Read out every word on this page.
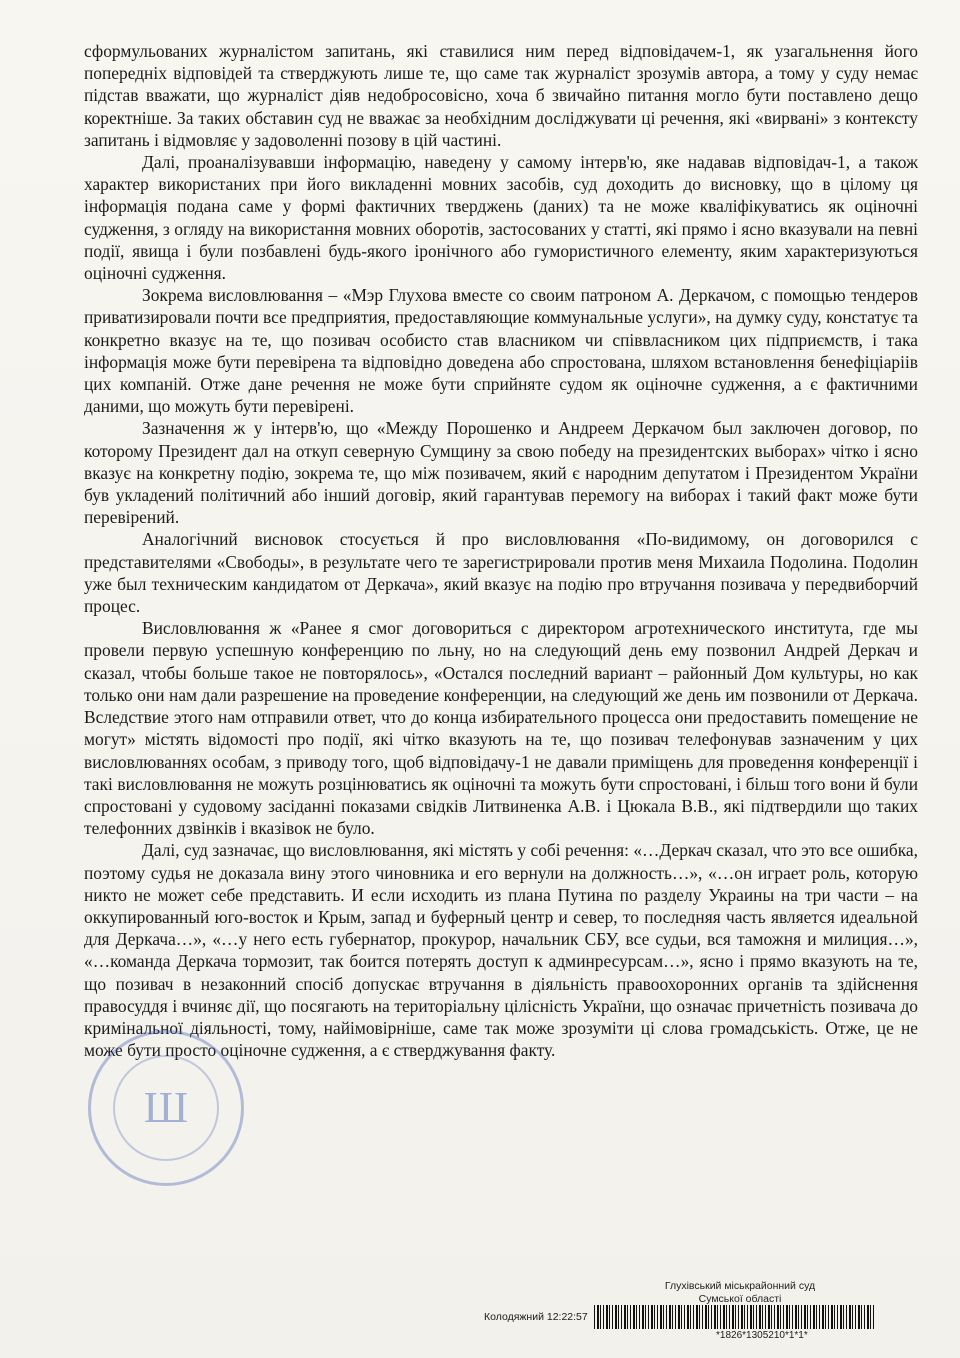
сформульованих журналістом запитань, які ставилися ним перед відповідачем-1, як узагальнення його попередніх відповідей та стверджують лише те, що саме так журналіст зрозумів автора, а тому у суду немає підстав вважати, що журналіст діяв недобросовісно, хоча б звичайно питання могло бути поставлено дещо коректніше. За таких обставин суд не вважає за необхідним досліджувати ці речення, які «вирвані» з контексту запитань і відмовляє у задоволенні позову в цій частині.

Далі, проаналізувавши інформацію, наведену у самому інтерв'ю, яке надавав відповідач-1, а також характер використаних при його викладенні мовних засобів, суд доходить до висновку, що в цілому ця інформація подана саме у формі фактичних тверджень (даних) та не може кваліфікуватись як оціночні судження, з огляду на використання мовних оборотів, застосованих у статті, які прямо і ясно вказували на певні події, явища і були позбавлені будь-якого іронічного або гумористичного елементу, яким характеризуються оціночні судження.

Зокрема висловлювання – «Мэр Глухова вместе со своим патроном А. Деркачом, с помощью тендеров приватизировали почти все предприятия, предоставляющие коммунальные услуги», на думку суду, констатує та конкретно вказує на те, що позивач особисто став власником чи співвласником цих підприємств, і така інформація може бути перевірена та відповідно доведена або спростована, шляхом встановлення бенефіціаріів цих компаній. Отже дане речення не може бути сприйняте судом як оціночне судження, а є фактичними даними, що можуть бути перевірені.

Зазначення ж у інтерв'ю, що «Между Порошенко и Андреем Деркачом был заключен договор, по которому Президент дал на откуп северную Сумщину за свою победу на президентских выборах» чітко і ясно вказує на конкретну подію, зокрема те, що між позивачем, який є народним депутатом і Президентом України був укладений політичний або інший договір, який гарантував перемогу на виборах і такий факт може бути перевірений.

Аналогічний висновок стосується й про висловлювання «По-видимому, он договорился с представителями «Свободы», в результате чего те зарегистрировали против меня Михаила Подолина. Подолин уже был техническим кандидатом от Деркача», який вказує на подію про втручання позивача у передвиборчий процес.

Висловлювання ж «Ранее я смог договориться с директором агротехнического института, где мы провели первую успешную конференцию по льну, но на следующий день ему позвонил Андрей Деркач и сказал, чтобы больше такое не повторялось», «Остался последний вариант – районный Дом культуры, но как только они нам дали разрешение на проведение конференции, на следующий же день им позвонили от Деркача. Вследствие этого нам отправили ответ, что до конца избирательного процесса они предоставить помещение не могут» містять відомості про події, які чітко вказують на те, що позивач телефонував зазначеним у цих висловлюваннях особам, з приводу того, щоб відповідачу-1 не давали приміщень для проведення конференції і такі висловлювання не можуть розцінюватись як оціночні та можуть бути спростовані, і більш того вони й були спростовані у судовому засіданні показами свідків Литвиненка А.В. і Цюкала В.В., які підтвердили що таких телефонних дзвінків і вказівок не було.

Далі, суд зазначає, що висловлювання, які містять у собі речення: «…Деркач сказал, что это все ошибка, поэтому судья не доказала вину этого чиновника и его вернули на должность…», «…он играет роль, которую никто не может себе представить. И если исходить из плана Путина по разделу Украины на три части – на оккупированный юго-восток и Крым, запад и буферный центр и север, то последняя часть является идеальной для Деркача…», «…у него есть губернатор, прокурор, начальник СБУ, все судьи, вся таможня и милиция…», «…команда Деркача тормозит, так боится потерять доступ к админресурсам…», ясно і прямо вказують на те, що позивач в незаконний спосіб допускає втручання в діяльність правоохоронних органів та здійснення правосуддя і вчиняє дії, що посягають на територіальну цілісність України, що означає причетність позивача до кримінальної діяльності, тому, найімовірніше, саме так може зрозуміти ці слова громадськість. Отже, це не може бути просто оціночне судження, а є стверджування факту.

Ш
Глухівський міськрайонний суд
Сумської області
Колодяжний 12:22:57
*1826*1305210*1*1*
